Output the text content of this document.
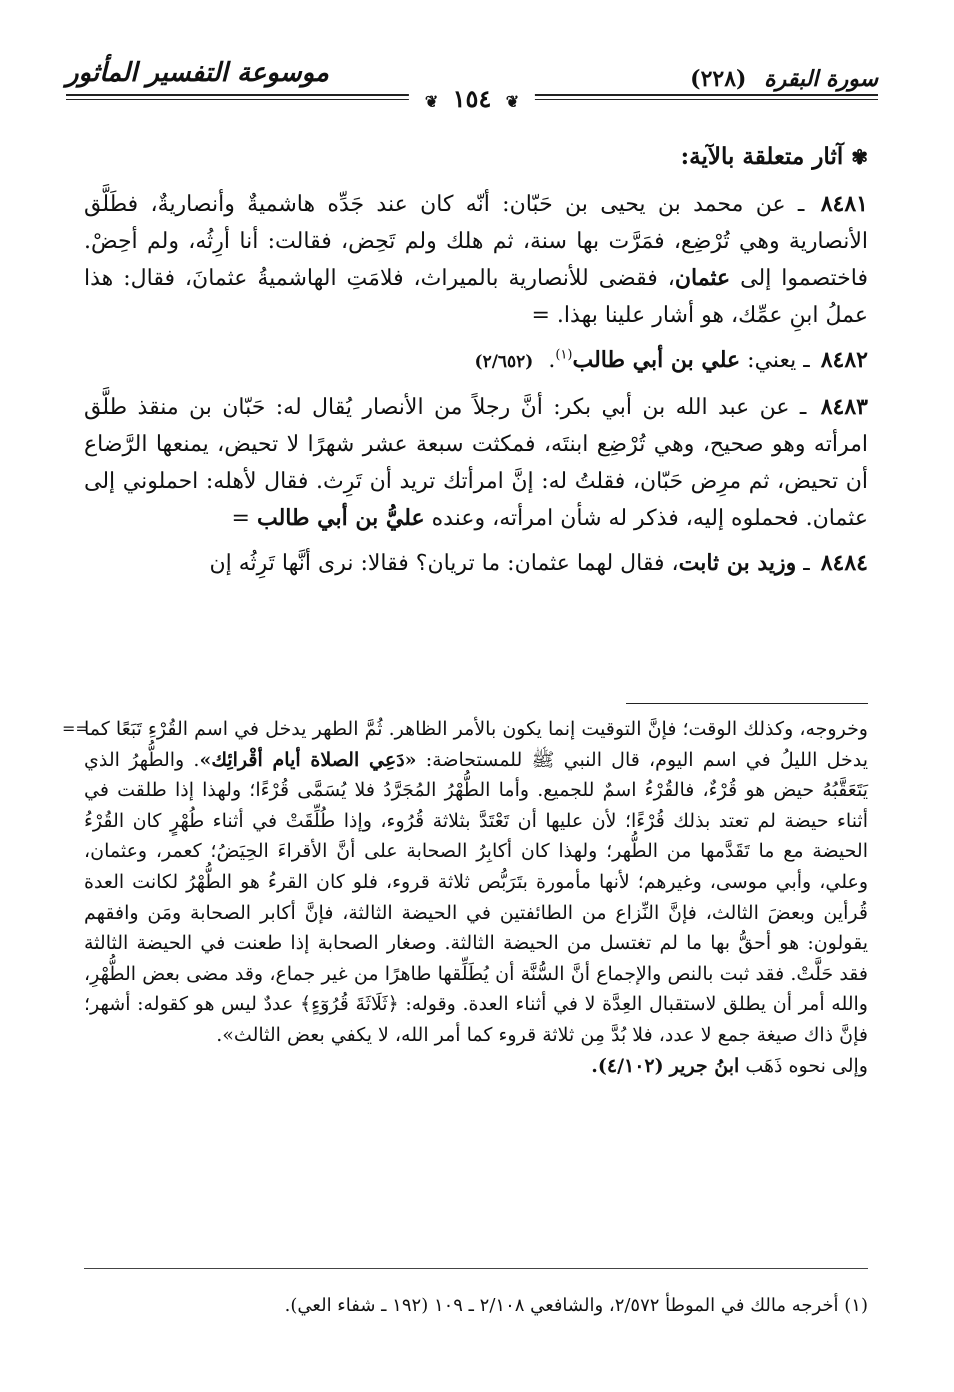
سورة البقرة (٢٢٨)
موسوعة التفسير المأثور
❦ ١٥٤ ❦
✾آثار متعلقة بالآية:

٨٤٨١ ـ عن محمد بن يحيى بن حَبّان: أنّه كان عند جَدِّه هاشميةٌ وأنصاريةٌ، فطَلَّق الأنصارية وهي تُرْضِع، فمَرَّت بها سنة، ثم هلك ولم تَحِض، فقالت: أنا أرِثُه، ولم أحِضْ. فاختصموا إلى عثمان، فقضى للأنصارية بالميراث، فلامَتِ الهاشميةُ عثمانَ، فقال: هذا عملُ ابنِ عمِّك، هو أشار علينا بهذا. =

٨٤٨٢ ـ يعني: علي بن أبي طالب$^{(١)}$. (٢/٦٥٢)

٨٤٨٣ ـ عن عبد الله بن أبي بكر: أنَّ رجلاً من الأنصار يُقال له: حَبّان بن منقذ طلَّق امرأته وهو صحيح، وهي تُرْضِع ابنتَه، فمكثت سبعة عشر شهرًا لا تحيض، يمنعها الرَّضاع أن تحيض، ثم مرِض حَبّان، فقلتُ له: إنَّ امرأتك تريد أن تَرِث. فقال لأهله: احملوني إلى عثمان. فحملوه إليه، فذكر له شأن امرأته، وعنده عليُّ بن أبي طالب =

٨٤٨٤ ـ وزيد بن ثابت، فقال لهما عثمان: ما تريان؟ فقالا: نرى أنَّها تَرِثُه إن

==

وخروجه، وكذلك الوقت؛ فإنَّ التوقيت إنما يكون بالأمر الظاهر. ثُمَّ الطهر يدخل في اسم القُرْءِ تَبَعًا كما يدخل الليلُ في اسم اليوم، قال النبي ﷺ للمستحاضة: «دَعِي الصلاة أيام أقْرائِك». والطُّهرُ الذي يَتَعَقَّبُهُ حيض هو قُرْءٌ، فالقُرْءُ اسمٌ للجميع. وأما الطُّهْرُ المُجَرَّدُ فلا يُسَمَّى قُرْءًا؛ ولهذا إذا طلقت في أثناء حيضة لم تعتد بذلك قُرْءًا؛ لأن عليها أن تَعْتَدَّ بثلاثة قُرُوء، وإذا طُلِّقَتْ في أثناء طُهْرٍ كان القُرْءُ الحيضة مع ما تَقَدَّمها من الطُّهر؛ ولهذا كان أكابِرُ الصحابة على أنَّ الأقراءَ الحِيَضُ؛ كعمر، وعثمان، وعلي، وأبي موسى، وغيرهم؛ لأنها مأمورة بتَرَبُّص ثلاثة قروء، فلو كان القرءُ هو الطُّهْرُ لكانت العدة قُرأين وبعضَ الثالث، فإنَّ النِّزاع من الطائفتين في الحيضة الثالثة، فإنَّ أكابر الصحابة ومَن وافقهم يقولون: هو أحقُّ بها ما لم تغتسل من الحيضة الثالثة. وصغار الصحابة إذا طعنت في الحيضة الثالثة فقد حَلَّتْ. فقد ثبت بالنص والإجماع أنَّ السُّنَّة أن يُطَلِّقها طاهرًا من غير جماع، وقد مضى بعض الطُّهْرِ، والله أمر أن يطلق لاستقبال العِدَّة لا في أثناء العدة. وقوله: ﴿ثَلَاثَةَ قُرُوٓءٍ﴾ عددٌ ليس هو كقوله: أشهر؛ فإنَّ ذاك صيغة جمع لا عدد، فلا بُدَّ مِن ثلاثة قروء كما أمر الله، لا يكفي بعض الثالث».

وإلى نحوه ذَهَب ابنُ جرير (٤/١٠٢).

(١) أخرجه مالك في الموطأ ٢/٥٧٢، والشافعي ٢/١٠٨ ـ ١٠٩ (١٩٢ ـ شفاء العي).
